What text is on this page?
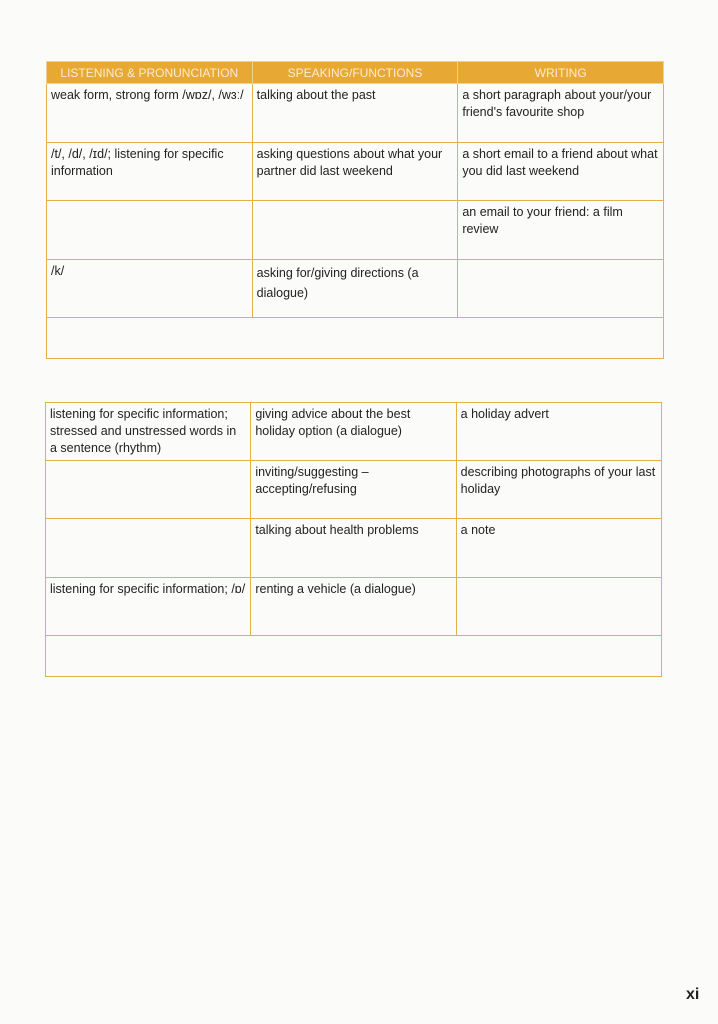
LISTENING & PRONUNCIATION	SPEAKING/FUNCTIONS	WRITING
weak form, strong form /wɒz/, /wɜː/	talking about the past	a short paragraph about your/your friend's favourite shop
/t/, /d/, /ɪd/; listening for specific information	asking questions about what your partner did last weekend	a short email to a friend about what you did last weekend
		an email to your friend: a film review
/k/	asking for/giving directions (a dialogue)	

listening for specific information; stressed and unstressed words in a sentence (rhythm)	giving advice about the best holiday option (a dialogue)	a holiday advert
	inviting/suggesting – accepting/refusing	describing photographs of your last holiday
	talking about health problems	a note
listening for specific information; /ɒ/	renting a vehicle (a dialogue)	

xi
